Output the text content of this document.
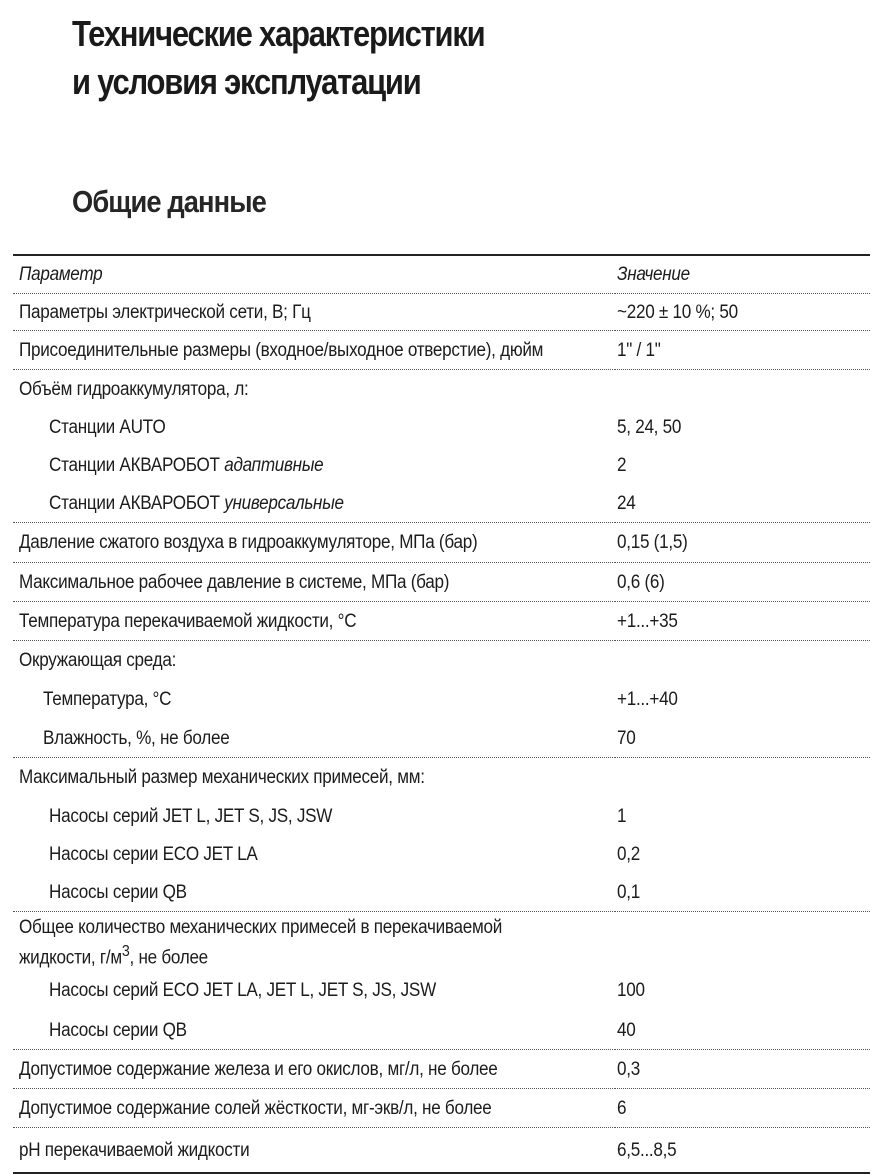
Технические характеристики
и условия эксплуатации
Общие данные
Параметр	Значение
Параметры электрической сети, В; Гц	~220 ± 10 %; 50
Присоединительные размеры (входное/выходное отверстие), дюйм	1" / 1"
Объём гидроаккумулятора, л:	
Станции AUTO	5, 24, 50
Станции АКВАРОБОТ адаптивные	2
Станции АКВАРОБОТ универсальные	24
Давление сжатого воздуха в гидроаккумуляторе, МПа (бар)	0,15 (1,5)
Максимальное рабочее давление в системе, МПа (бар)	0,6 (6)
Температура перекачиваемой жидкости, °С	+1...+35
Окружающая среда:	
Температура, °С	+1...+40
Влажность, %, не более	70
Максимальный размер механических примесей, мм:	
Насосы серий JET L, JET S, JS, JSW	1
Насосы серии ECO JET LA	0,2
Насосы серии QB	0,1
Общее количество механических примесей в перекачиваемой жидкости, $г/м^3$, не более	
Насосы серий ECO JET LA, JET L, JET S, JS, JSW	100
Насосы серии QB	40
Допустимое содержание железа и его окислов, мг/л, не более	0,3
Допустимое содержание солей жёсткости, мг-экв/л, не более	6
pH перекачиваемой жидкости	6,5...8,5
